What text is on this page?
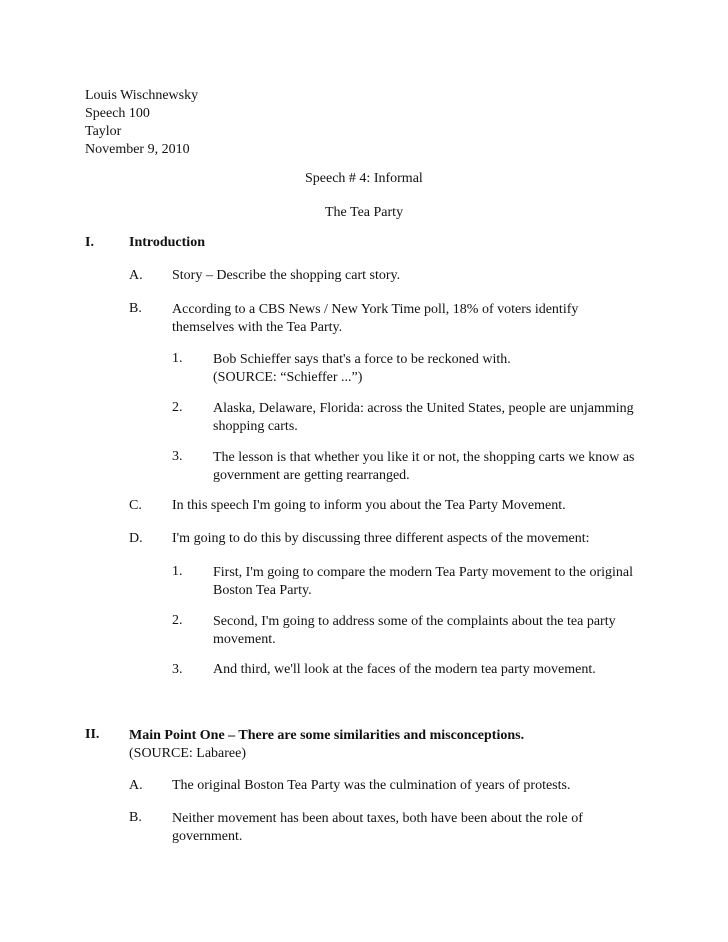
Louis Wischnewsky
Speech 100
Taylor
November 9, 2010
Speech # 4: Informal
The Tea Party
I.	Introduction
A. Story – Describe the shopping cart story.
B. According to a CBS News / New York Time poll, 18% of voters identify
themselves with the Tea Party.
1. Bob Schieffer says that's a force to be reckoned with.
(SOURCE: “Schieffer ...”)
2. Alaska, Delaware, Florida: across the United States, people are unjamming
shopping carts.
3. The lesson is that whether you like it or not, the shopping carts we know as
government are getting rearranged.
C. In this speech I'm going to inform you about the Tea Party Movement.
D. I'm going to do this by discussing three different aspects of the movement:
1. First, I'm going to compare the modern Tea Party movement to the original
Boston Tea Party.
2. Second, I'm going to address some of the complaints about the tea party
movement.
3. And third, we'll look at the faces of the modern tea party movement.
II. Main Point One – There are some similarities and misconceptions.
(SOURCE: Labaree)
A. The original Boston Tea Party was the culmination of years of protests.
B. Neither movement has been about taxes, both have been about the role of
government.
